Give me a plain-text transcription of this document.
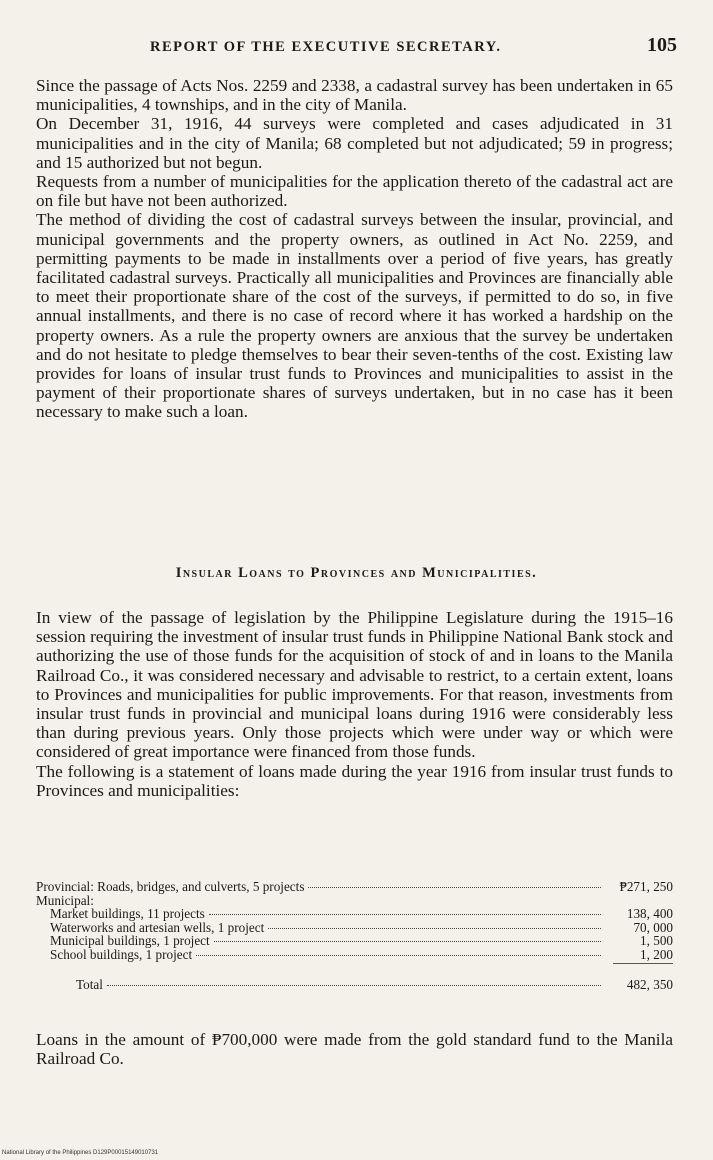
REPORT OF THE EXECUTIVE SECRETARY.	105

Since the passage of Acts Nos. 2259 and 2338, a cadastral survey has been undertaken in 65 municipalities, 4 townships, and in the city of Manila.

On December 31, 1916, 44 surveys were completed and cases adjudicated in 31 municipalities and in the city of Manila; 68 completed but not adjudicated; 59 in progress; and 15 authorized but not begun.

Requests from a number of municipalities for the application thereto of the cadastral act are on file but have not been authorized.

The method of dividing the cost of cadastral surveys between the insular, provincial, and municipal governments and the property owners, as outlined in Act No. 2259, and permitting payments to be made in installments over a period of five years, has greatly facilitated cadastral surveys. Practically all municipalities and Provinces are financially able to meet their proportionate share of the cost of the surveys, if permitted to do so, in five annual installments, and there is no case of record where it has worked a hardship on the property owners. As a rule the property owners are anxious that the survey be undertaken and do not hesitate to pledge themselves to bear their seven-tenths of the cost. Existing law provides for loans of insular trust funds to Provinces and municipalities to assist in the payment of their proportionate shares of surveys undertaken, but in no case has it been necessary to make such a loan.

Insular Loans to Provinces and Municipalities.

In view of the passage of legislation by the Philippine Legislature during the 1915–16 session requiring the investment of insular trust funds in Philippine National Bank stock and authorizing the use of those funds for the acquisition of stock of and in loans to the Manila Railroad Co., it was considered necessary and advisable to restrict, to a certain extent, loans to Provinces and municipalities for public improvements. For that reason, investments from insular trust funds in provincial and municipal loans during 1916 were considerably less than during previous years. Only those projects which were under way or which were considered of great importance were financed from those funds.

The following is a statement of loans made during the year 1916 from insular trust funds to Provinces and municipalities:

Provincial: Roads, bridges, and culverts, 5 projects	₱271, 250
Municipal:
Market buildings, 11 projects	138, 400
Waterworks and artesian wells, 1 project	70, 000
Municipal buildings, 1 project	1, 500
School buildings, 1 project	1, 200
Total	482, 350

Loans in the amount of ₱700,000 were made from the gold standard fund to the Manila Railroad Co.

National Library of the Philippines D129P00015149010731
